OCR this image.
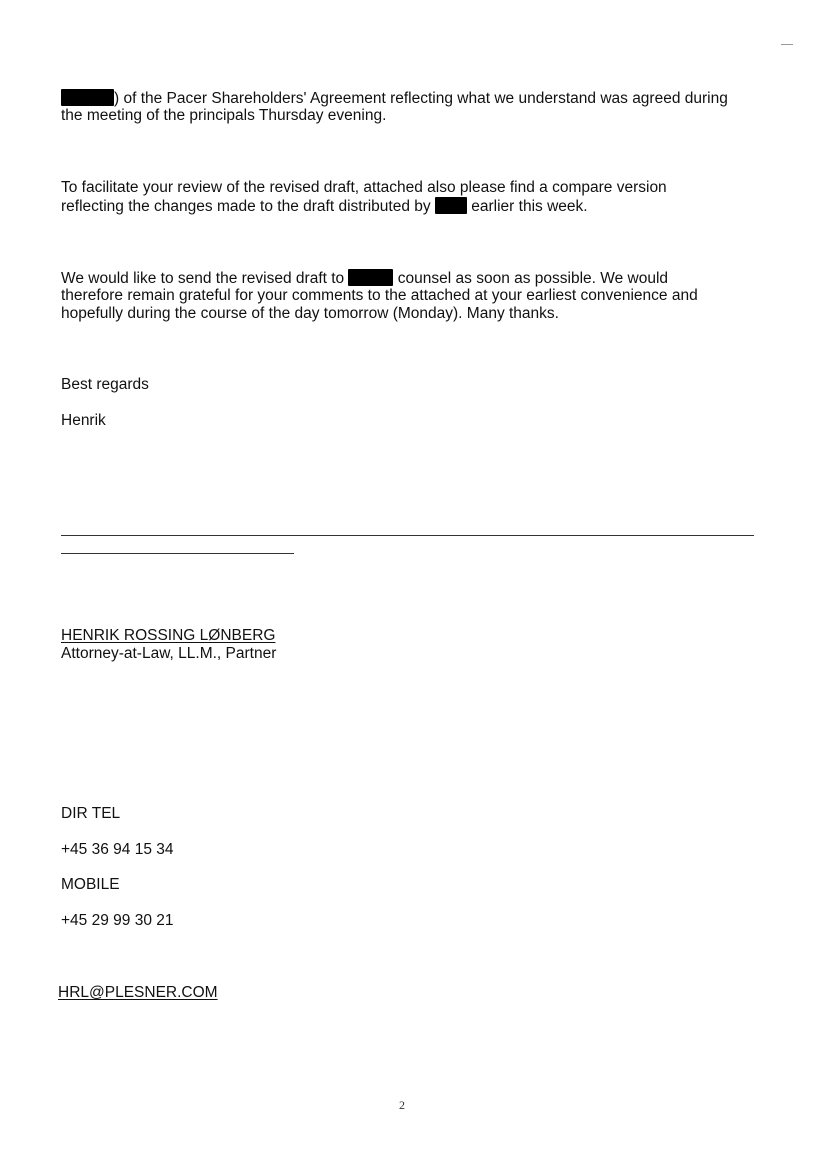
) of the Pacer Shareholders' Agreement reflecting what we understand was agreed during
the meeting of the principals Thursday evening.
To facilitate your review of the revised draft, attached also please find a compare version
reflecting the changes made to the draft distributed by  earlier this week.
We would like to send the revised draft to	counsel as soon as possible. We would
therefore remain grateful for your comments to the attached at your earliest convenience and
hopefully during the course of the day tomorrow (Monday). Many thanks.
Best regards
Henrik
HENRIK ROSSING LØNBERG
Attorney-at-Law, LL.M., Partner
DIR TEL
+45 36 94 15 34
MOBILE
+45 29 99 30 21
HRL@PLESNER.COM
2
